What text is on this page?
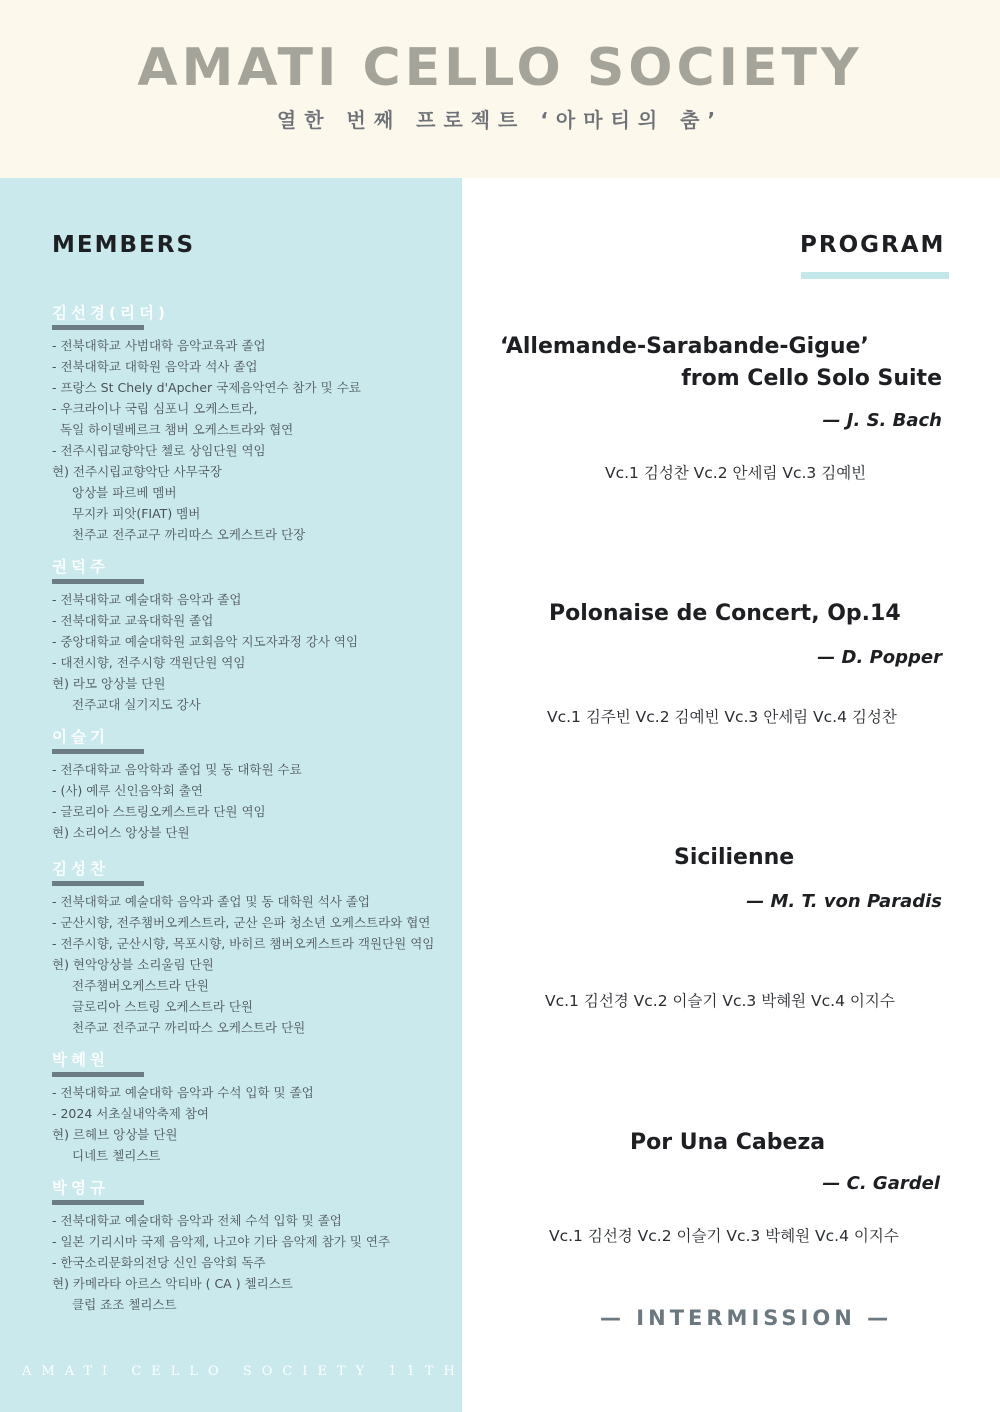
AMATI CELLO SOCIETY
열한 번째 프로젝트 ‘아마티의 춤’
MEMBERS	PROGRAM
김선경(리더)
- 전북대학교 사범대학 음악교육과 졸업
- 전북대학교 대학원 음악과 석사 졸업
- 프랑스 St Chely d'Apcher 국제음악연수 참가 및 수료
- 우크라이나 국립 심포니 오케스트라,
독일 하이델베르크 챔버 오케스트라와 협연
- 전주시립교향악단 첼로 상임단원 역임
현) 전주시립교향악단 사무국장
앙상블 파르베 멤버
무지카 피앗(FIAT) 멤버
천주교 전주교구 까리따스 오케스트라 단장
권덕주
- 전북대학교 예술대학 음악과 졸업
- 전북대학교 교육대학원 졸업
- 중앙대학교 예술대학원 교회음악 지도자과정 강사 역임
- 대전시향, 전주시향 객원단원 역임
현) 라모 앙상블 단원
전주교대 실기지도 강사
이슬기
- 전주대학교 음악학과 졸업 및 동 대학원 수료
- (사) 예루 신인음악회 출연
- 글로리아 스트링오케스트라 단원 역임
현) 소리어스 앙상블 단원
김성찬
- 전북대학교 예술대학 음악과 졸업 및 동 대학원 석사 졸업
- 군산시향, 전주챔버오케스트라, 군산 은파 청소년 오케스트라와 협연
- 전주시향, 군산시향, 목포시향, 바히르 챔버오케스트라 객원단원 역임
현) 현악앙상블 소리울림 단원
전주챔버오케스트라 단원
글로리아 스트링 오케스트라 단원
천주교 전주교구 까리따스 오케스트라 단원
박혜원
- 전북대학교 예술대학 음악과 수석 입학 및 졸업
- 2024 서초실내악축제 참여
현) 르헤브 앙상블 단원
디네트 첼리스트
박영규
- 전북대학교 예술대학 음악과 전체 수석 입학 및 졸업
- 일본 기리시마 국제 음악제, 나고야 기타 음악제 참가 및 연주
- 한국소리문화의전당 신인 음악회 독주
현) 카메라타 아르스 악티바 ( CA ) 첼리스트
클럽 죠조 첼리스트
‘Allemande-Sarabande-Gigue’
from Cello Solo Suite
— J. S. Bach
Vc.1 김성찬 Vc.2 안세림 Vc.3 김예빈
Polonaise de Concert, Op.14
— D. Popper
Vc.1 김주빈 Vc.2 김예빈 Vc.3 안세림 Vc.4 김성찬
Sicilienne
— M. T. von Paradis
Vc.1 김선경 Vc.2 이슬기 Vc.3 박혜원 Vc.4 이지수
Por Una Cabeza
— C. Gardel
Vc.1 김선경 Vc.2 이슬기 Vc.3 박혜원 Vc.4 이지수
— INTERMISSION —
AMATI CELLO SOCIETY 11TH PROJECT
